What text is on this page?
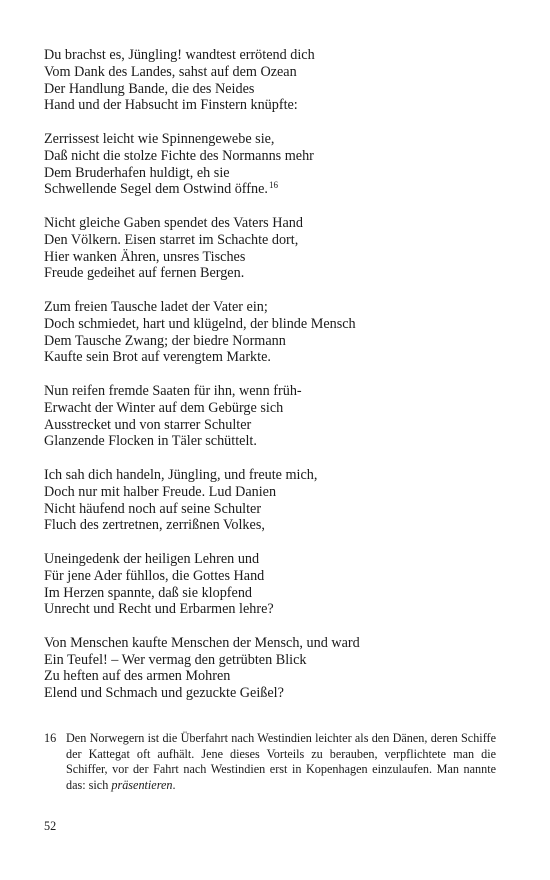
Du brachst es, Jüngling! wandtest errötend dich
Vom Dank des Landes, sahst auf dem Ozean
Der Handlung Bande, die des Neides
Hand und der Habsucht im Finstern knüpfte:
Zerrissest leicht wie Spinnengewebe sie,
Daß nicht die stolze Fichte des Normanns mehr
Dem Bruderhafen huldigt, eh sie
Schwellende Segel dem Ostwind öffne.$^{16}$
Nicht gleiche Gaben spendet des Vaters Hand
Den Völkern. Eisen starret im Schachte dort,
Hier wanken Ähren, unsres Tisches
Freude gedeihet auf fernen Bergen.
Zum freien Tausche ladet der Vater ein;
Doch schmiedet, hart und klügelnd, der blinde Mensch
Dem Tausche Zwang; der biedre Normann
Kaufte sein Brot auf verengtem Markte.
Nun reifen fremde Saaten für ihn, wenn früh-
Erwacht der Winter auf dem Gebürge sich
Ausstrecket und von starrer Schulter
Glanzende Flocken in Täler schüttelt.
Ich sah dich handeln, Jüngling, und freute mich,
Doch nur mit halber Freude. Lud Danien
Nicht häufend noch auf seine Schulter
Fluch des zertretnen, zerrißnen Volkes,
Uneingedenk der heiligen Lehren und
Für jene Ader fühllos, die Gottes Hand
Im Herzen spannte, daß sie klopfend
Unrecht und Recht und Erbarmen lehre?
Von Menschen kaufte Menschen der Mensch, und ward
Ein Teufel! – Wer vermag den getrübten Blick
Zu heften auf des armen Mohren
Elend und Schmach und gezuckte Geißel?
16 Den Norwegern ist die Überfahrt nach Westindien leichter als den Dänen, deren Schiffe der Kattegat oft aufhält. Jene dieses Vorteils zu berauben, verpflichtete man die Schiffer, vor der Fahrt nach Westindien erst in Kopenhagen einzulaufen. Man nannte das: sich präsentieren.
52
